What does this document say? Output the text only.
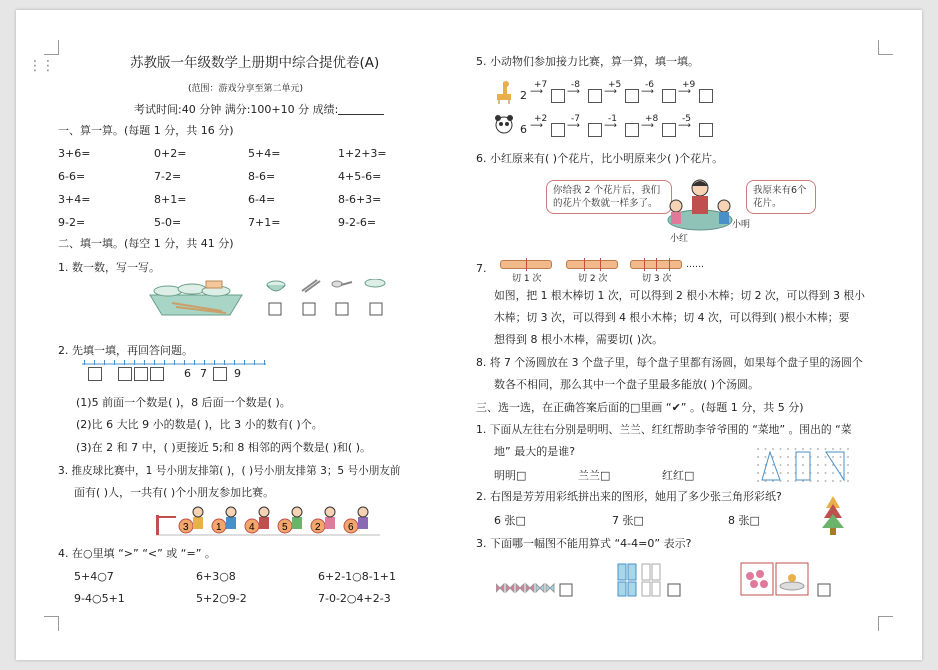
⋮⋮	苏教版一年级数学上册期中综合提优卷(A)
(范围：游戏分享至第二单元)
考试时间:40 分钟 满分:100+10 分 成绩:
一、算一算。(每题 1 分，共 16 分)
3+6=	0+2=	5+4=	1+2+3=
6-6=	7-2=	8-6=	4+5-6=
3+4=	8+1=	6-4=	8-6+3=
9-2=	5-0=	7+1=	9-2-6=
二、填一填。(每空 1 分，共 41 分)
1. 数一数，写一写。
2. 先填一填，再回答问题。
6 7 9
(1)5 前面一个数是( )，8 后面一个数是( )。
(2)比 6 大比 9 小的数是( )，比 3 小的数有( )个。
(3)在 2 和 7 中，( )更接近 5;和 8 相邻的两个数是( )和( )。
3. 推皮球比赛中，1 号小朋友排第( )，( )号小朋友排第 3；5 号小朋友前
面有( )人，一共有( )个小朋友参加比赛。
3	1	4	5	2	6
4. 在○里填 “>” “<” 或 “=” 。
5+4○7	6+3○8	6+2-1○8-1+1
9-4○5+1	5+2○9-2	7-0-2○4+2-3
5. 小动物们参加接力比赛，算一算，填一填。
2
+7
⟶
-8
⟶
+5
⟶
-6
⟶
+9
⟶
6
+2
⟶
-7
⟶
-1
⟶
+8
⟶
-5
⟶
6. 小红原来有( )个花片，比小明原来少( )个花片。
你给我 2 个花片后，我们的花片个数就一样多了。
我原来有6个花片。
小红
小明
7.
切 1 次	切 2 次	切 3 次
……
如图，把 1 根木棒切 1 次，可以得到 2 根小木棒；切 2 次，可以得到 3 根小
木棒；切 3 次，可以得到 4 根小木棒；切 4 次，可以得到( )根小木棒；要
想得到 8 根小木棒，需要切( )次。
8. 将 7 个汤圆放在 3 个盘子里，每个盘子里都有汤圆，如果每个盘子里的汤圆个
数各不相同，那么其中一个盘子里最多能放( )个汤圆。
三、选一选，在正确答案后面的□里画 “✔” 。(每题 1 分，共 5 分)
1. 下面从左往右分别是明明、兰兰、红红帮助李爷爷围的 “菜地” 。围出的 “菜
地” 最大的是谁?
明明□	兰兰□	红红□
2. 右图是芳芳用彩纸拼出来的图形，她用了多少张三角形彩纸?
6 张□	7 张□	8 张□
3. 下面哪一幅图不能用算式 “4-4=0” 表示?
